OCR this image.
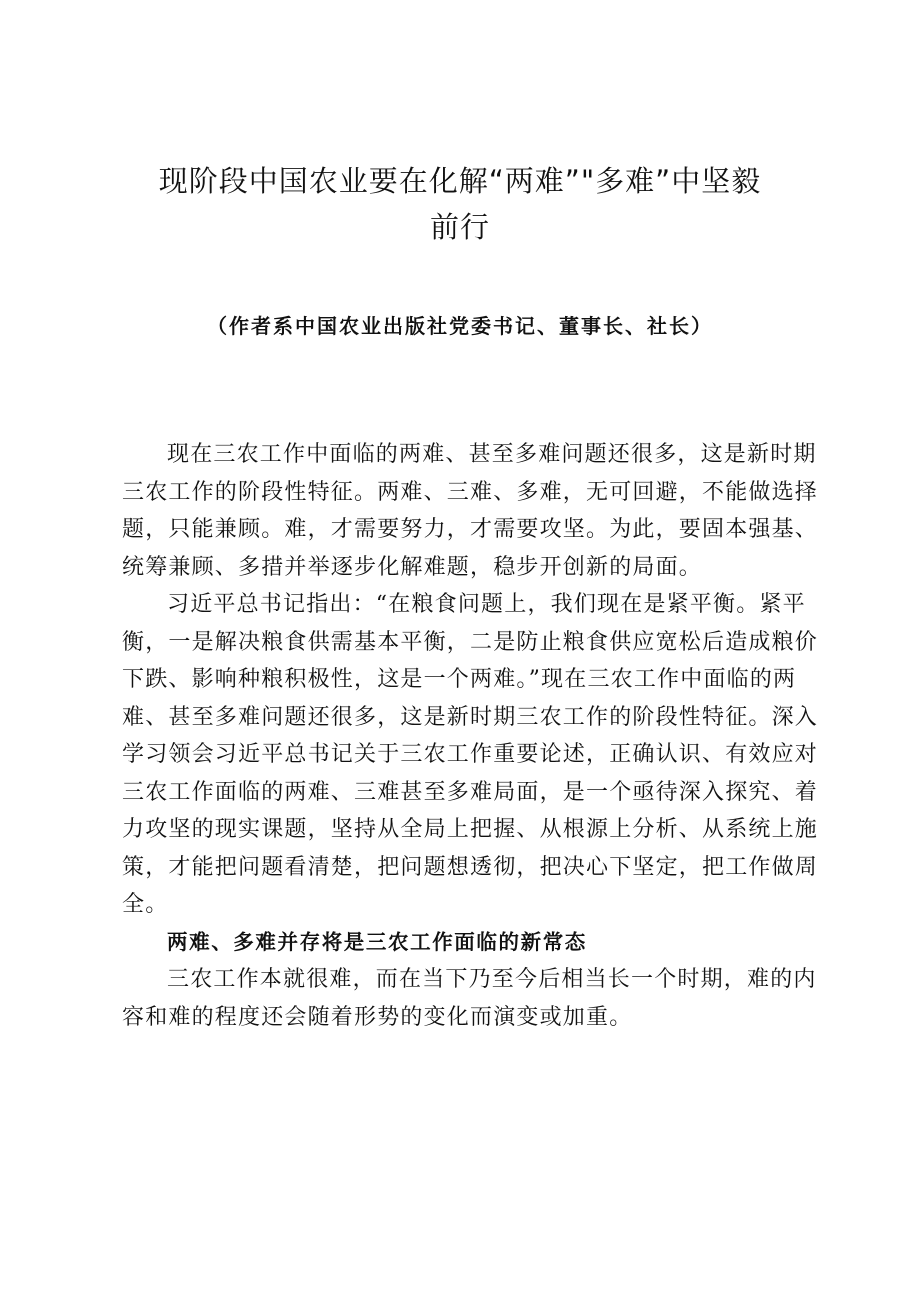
现阶段中国农业要在化解“两难”"多难”中坚毅
前行
（作者系中国农业出版社党委书记、董事长、社长）

现在三农工作中面临的两难、甚至多难问题还很多，这是新时期
三农工作的阶段性特征。两难、三难、多难，无可回避，不能做选择
题，只能兼顾。难，才需要努力，才需要攻坚。为此，要固本强基、
统筹兼顾、多措并举逐步化解难题，稳步开创新的局面。

习近平总书记指出：“在粮食问题上，我们现在是紧平衡。紧平
衡，一是解决粮食供需基本平衡，二是防止粮食供应宽松后造成粮价
下跌、影响种粮积极性，这是一个两难。”现在三农工作中面临的两
难、甚至多难问题还很多，这是新时期三农工作的阶段性特征。深入
学习领会习近平总书记关于三农工作重要论述，正确认识、有效应对
三农工作面临的两难、三难甚至多难局面，是一个亟待深入探究、着
力攻坚的现实课题，坚持从全局上把握、从根源上分析、从系统上施
策，才能把问题看清楚，把问题想透彻，把决心下坚定，把工作做周
全。

两难、多难并存将是三农工作面临的新常态

三农工作本就很难，而在当下乃至今后相当长一个时期，难的内
容和难的程度还会随着形势的变化而演变或加重。
